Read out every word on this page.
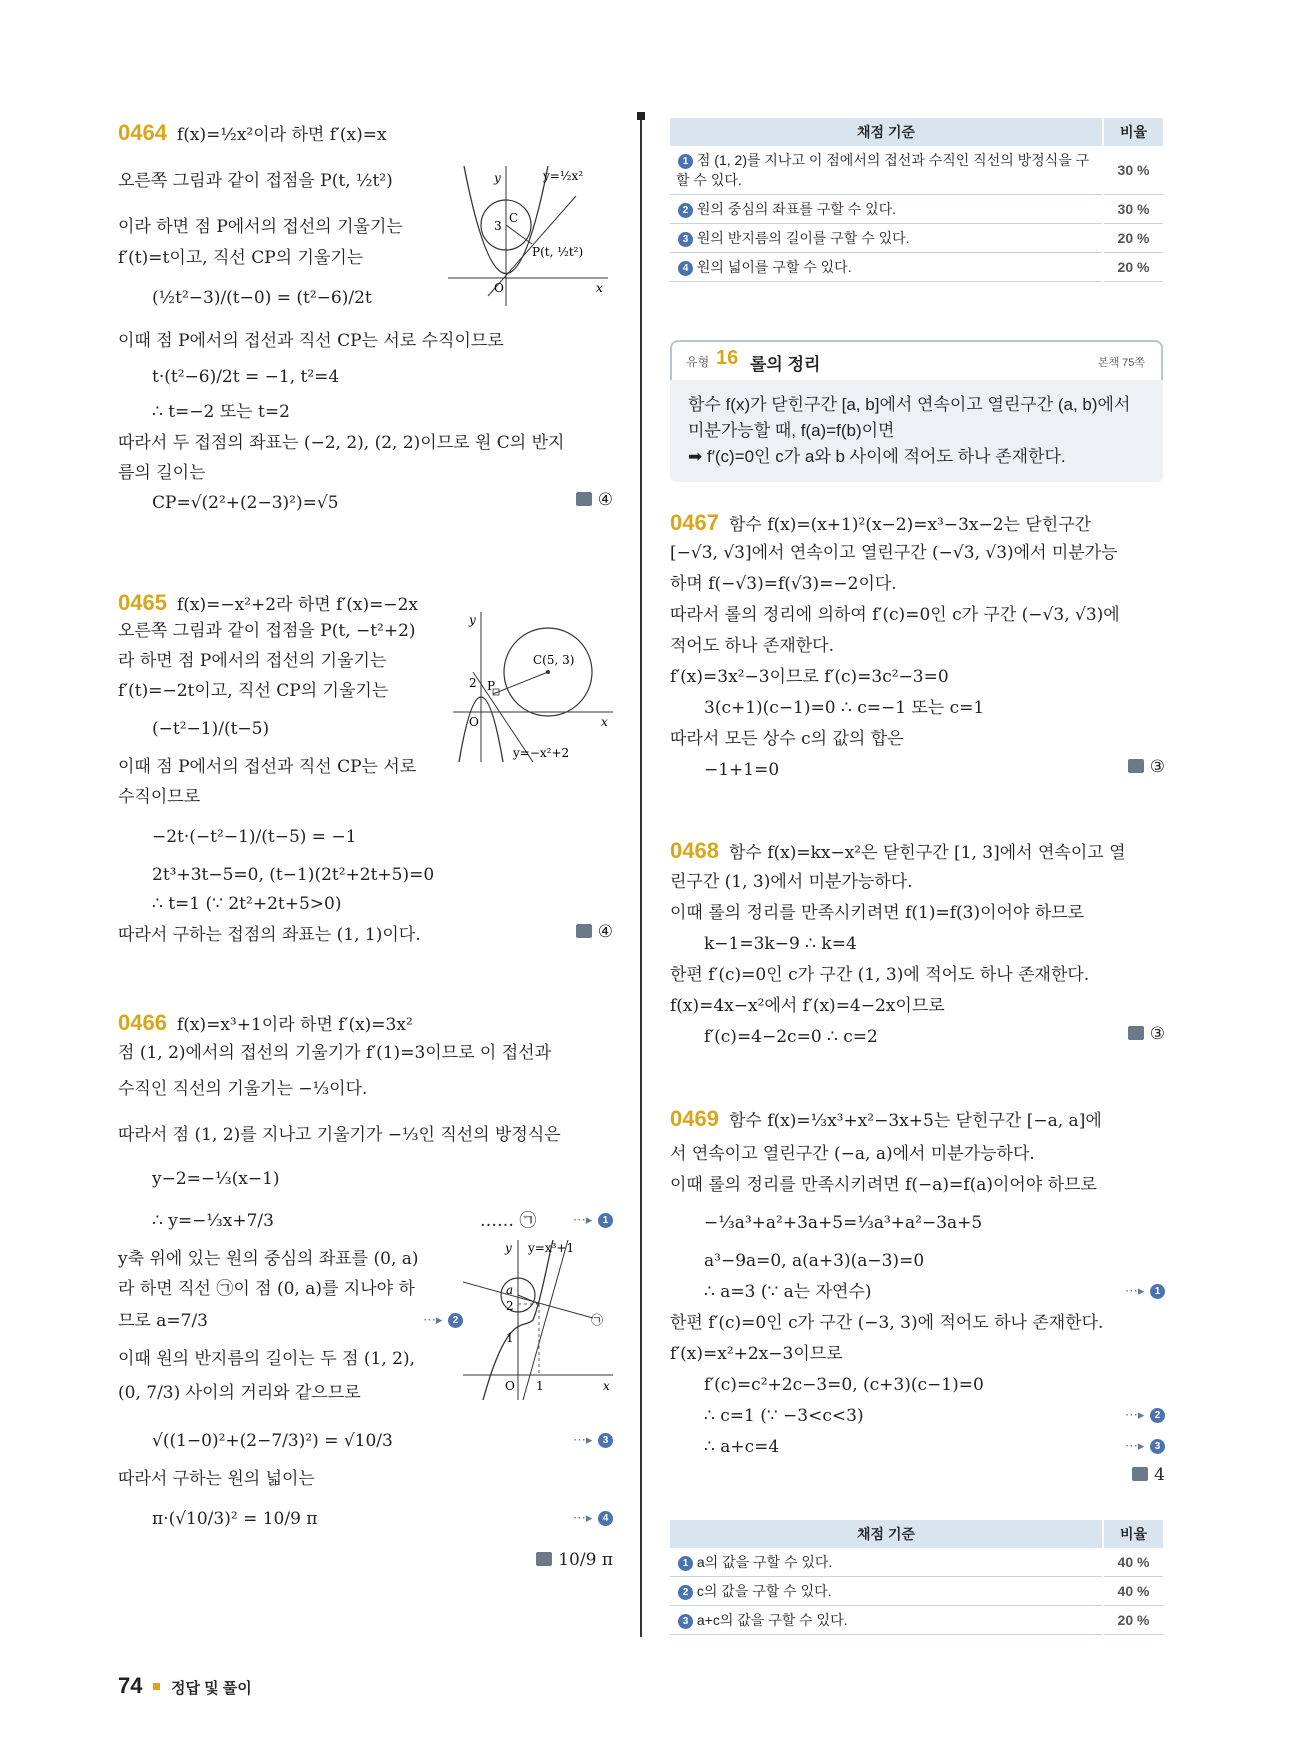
0464 f(x)=½x²이라 하면 f′(x)=x
오른쪽 그림과 같이 접점을 P(t, ½t²)
이라 하면 점 P에서의 접선의 기울기는
f′(t)=t이고, 직선 CP의 기울기는
(½t²−3)/(t−0) = (t²−6)/2t
이때 점 P에서의 접선과 직선 CP는 서로 수직이므로
t·(t²−6)/2t = −1, t²=4
∴ t=−2 또는 t=2
따라서 두 접점의 좌표는 (−2, 2), (2, 2)이므로 원 C의 반지
름의 길이는
CP=√(2²+(2−3)²)=√5	④
y
x
O
C
3
y=½x²
P(t, ½t²)
0465 f(x)=−x²+2라 하면 f′(x)=−2x
오른쪽 그림과 같이 접점을 P(t, −t²+2)
라 하면 점 P에서의 접선의 기울기는
f′(t)=−2t이고, 직선 CP의 기울기는
(−t²−1)/(t−5)
이때 점 P에서의 접선과 직선 CP는 서로
수직이므로
−2t·(−t²−1)/(t−5) = −1
2t³+3t−5=0, (t−1)(2t²+2t+5)=0
∴ t=1 (∵ 2t²+2t+5>0)
따라서 구하는 접점의 좌표는 (1, 1)이다.	④
y
x
O
C(5, 3)
2 P
y=−x²+2
0466 f(x)=x³+1이라 하면 f′(x)=3x²
점 (1, 2)에서의 접선의 기울기가 f′(1)=3이므로 이 접선과
수직인 직선의 기울기는 −⅓이다.
따라서 점 (1, 2)를 지나고 기울기가 −⅓인 직선의 방정식은
y−2=−⅓(x−1)
∴ y=−⅓x+7/3	…… ㉠	⋯▸ 1
y축 위에 있는 원의 중심의 좌표를 (0, a)
라 하면 직선 ㉠이 점 (0, a)를 지나야 하
므로 a=7/3	⋯▸ 2
이때 원의 반지름의 길이는 두 점 (1, 2),
(0, 7/3) 사이의 거리와 같으므로
√((1−0)²+(2−7/3)²) = √10/3	⋯▸ 3
따라서 구하는 원의 넓이는
π·(√10/3)² = 10/9 π	⋯▸ 4
10/9 π
y
x
O
y=x³+1
a
2
1
1
㉠
채점 기준	비율
1 점 (1, 2)를 지나고 이 점에서의 접선과 수직인 직선의 방정식을 구할 수 있다.	30 %
2 원의 중심의 좌표를 구할 수 있다.	30 %
3 원의 반지름의 길이를 구할 수 있다.	20 %
4 원의 넓이를 구할 수 있다.	20 %
유형 16 롤의 정리	본책 75쪽
함수 f(x)가 닫힌구간 [a, b]에서 연속이고 열린구간 (a, b)에서
미분가능할 때, f(a)=f(b)이면
➡ f′(c)=0인 c가 a와 b 사이에 적어도 하나 존재한다.
0467 함수 f(x)=(x+1)²(x−2)=x³−3x−2는 닫힌구간
[−√3, √3]에서 연속이고 열린구간 (−√3, √3)에서 미분가능
하며 f(−√3)=f(√3)=−2이다.
따라서 롤의 정리에 의하여 f′(c)=0인 c가 구간 (−√3, √3)에
적어도 하나 존재한다.
f′(x)=3x²−3이므로 f′(c)=3c²−3=0
3(c+1)(c−1)=0 ∴ c=−1 또는 c=1
따라서 모든 상수 c의 값의 합은
−1+1=0	③
0468 함수 f(x)=kx−x²은 닫힌구간 [1, 3]에서 연속이고 열
린구간 (1, 3)에서 미분가능하다.
이때 롤의 정리를 만족시키려면 f(1)=f(3)이어야 하므로
k−1=3k−9 ∴ k=4
한편 f′(c)=0인 c가 구간 (1, 3)에 적어도 하나 존재한다.
f(x)=4x−x²에서 f′(x)=4−2x이므로
f′(c)=4−2c=0 ∴ c=2	③
0469 함수 f(x)=⅓x³+x²−3x+5는 닫힌구간 [−a, a]에
서 연속이고 열린구간 (−a, a)에서 미분가능하다.
이때 롤의 정리를 만족시키려면 f(−a)=f(a)이어야 하므로
−⅓a³+a²+3a+5=⅓a³+a²−3a+5
a³−9a=0, a(a+3)(a−3)=0
∴ a=3 (∵ a는 자연수)	⋯▸ 1
한편 f′(c)=0인 c가 구간 (−3, 3)에 적어도 하나 존재한다.
f′(x)=x²+2x−3이므로
f′(c)=c²+2c−3=0, (c+3)(c−1)=0
∴ c=1 (∵ −3<c<3)	⋯▸ 2
∴ a+c=4	⋯▸ 3
4
채점 기준	비율
1 a의 값을 구할 수 있다.	40 %
2 c의 값을 구할 수 있다.	40 %
3 a+c의 값을 구할 수 있다.	20 %
74 정답 및 풀이
